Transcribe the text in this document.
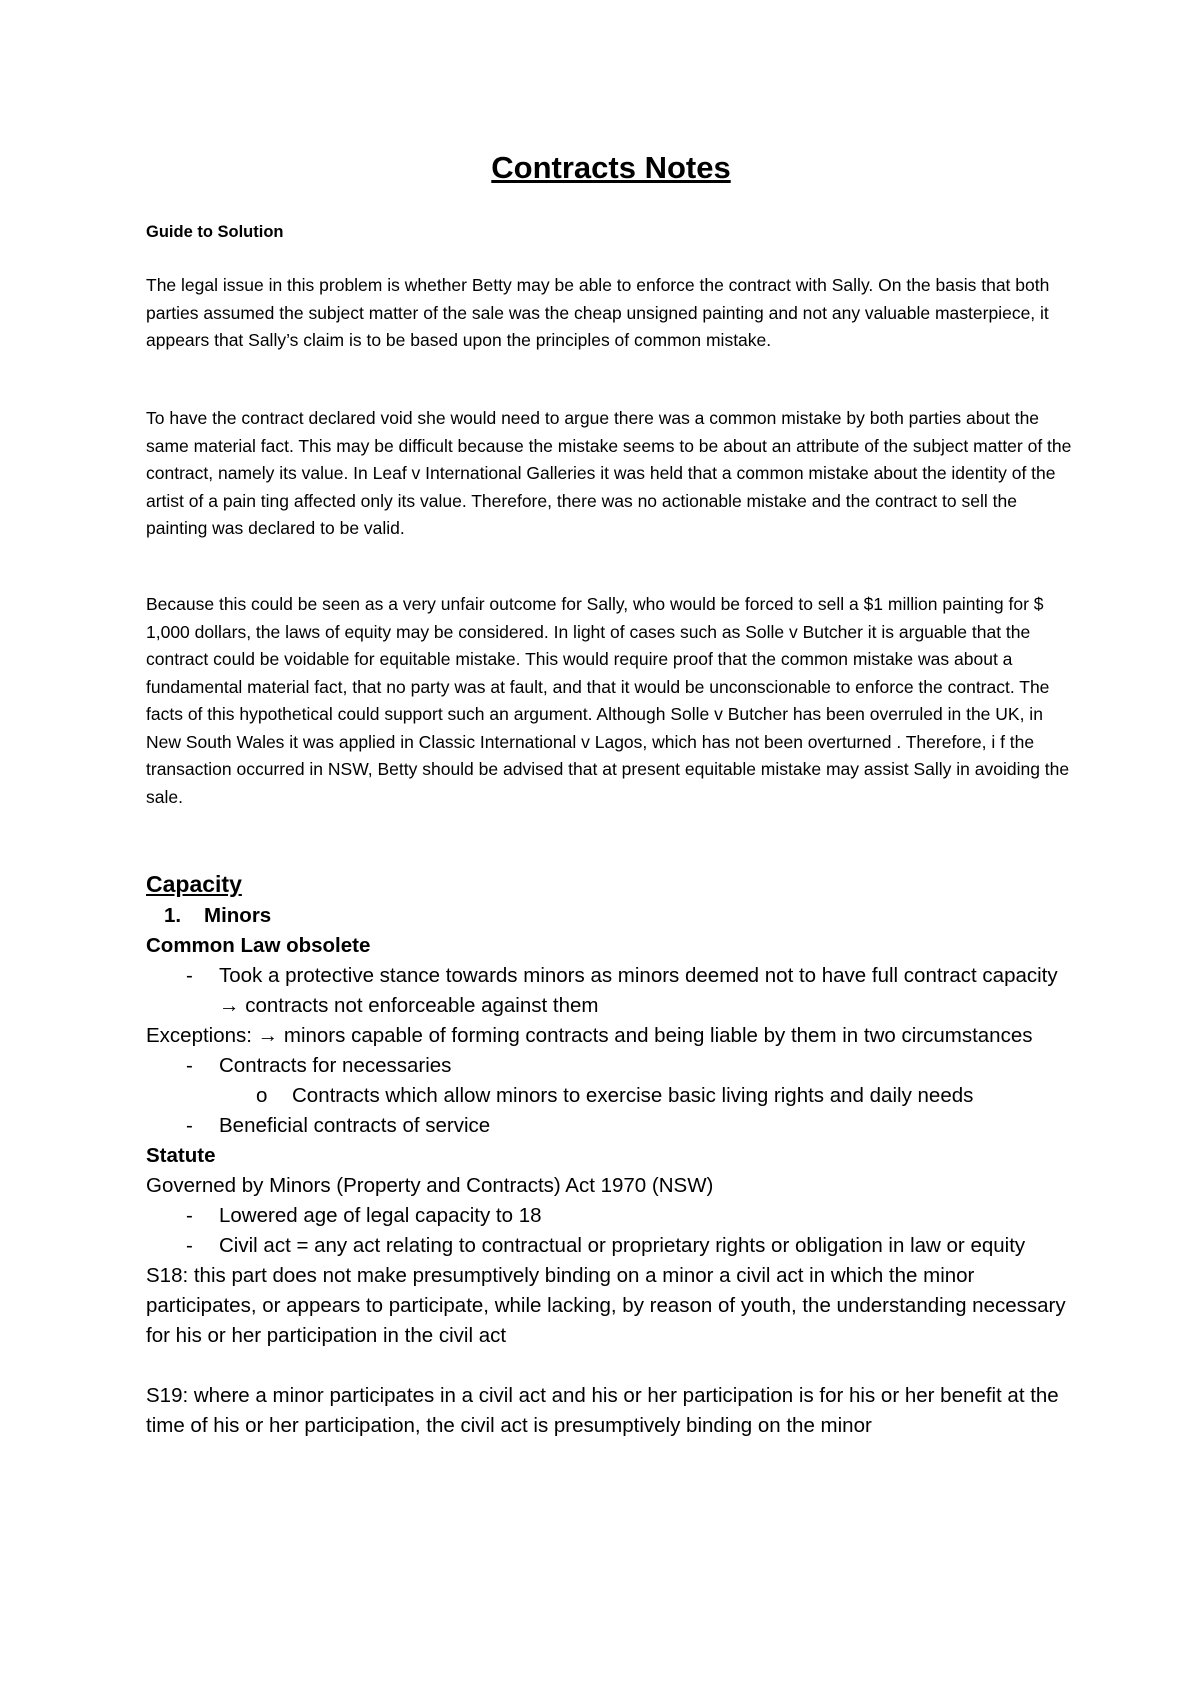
Contracts Notes

Guide to Solution

The legal issue in this problem is whether Betty may be able to enforce the contract with Sally. On the basis that both parties assumed the subject matter of the sale was the cheap unsigned painting and not any valuable masterpiece, it appears that Sally’s claim is to be based upon the principles of common mistake.

To have the contract declared void she would need to argue there was a common mistake by both parties about the same material fact. This may be difficult because the mistake seems to be about an attribute of the subject matter of the contract, namely its value. In Leaf v International Galleries it was held that a common mistake about the identity of the artist of a pain ting affected only its value. Therefore, there was no actionable mistake and the contract to sell the painting was declared to be valid.

Because this could be seen as a very unfair outcome for Sally, who would be forced to sell a $1 million painting for $ 1,000 dollars, the laws of equity may be considered. In light of cases such as Solle v Butcher it is arguable that the contract could be voidable for equitable mistake. This would require proof that the common mistake was about a fundamental material fact, that no party was at fault, and that it would be unconscionable to enforce the contract. The facts of this hypothetical could support such an argument. Although Solle v Butcher has been overruled in the UK, in New South Wales it was applied in Classic International v Lagos, which has not been overturned . Therefore, i f the transaction occurred in NSW, Betty should be advised that at present equitable mistake may assist Sally in avoiding the sale.

Capacity

1. Minors

Common Law obsolete

- Took a protective stance towards minors as minors deemed not to have full contract capacity → contracts not enforceable against them

Exceptions: → minors capable of forming contracts and being liable by them in two circumstances

- Contracts for necessaries

o Contracts which allow minors to exercise basic living rights and daily needs

- Beneficial contracts of service

Statute

Governed by Minors (Property and Contracts) Act 1970 (NSW)

- Lowered age of legal capacity to 18

- Civil act = any act relating to contractual or proprietary rights or obligation in law or equity

S18: this part does not make presumptively binding on a minor a civil act in which the minor participates, or appears to participate, while lacking, by reason of youth, the understanding necessary for his or her participation in the civil act

S19: where a minor participates in a civil act and his or her participation is for his or her benefit at the time of his or her participation, the civil act is presumptively binding on the minor
